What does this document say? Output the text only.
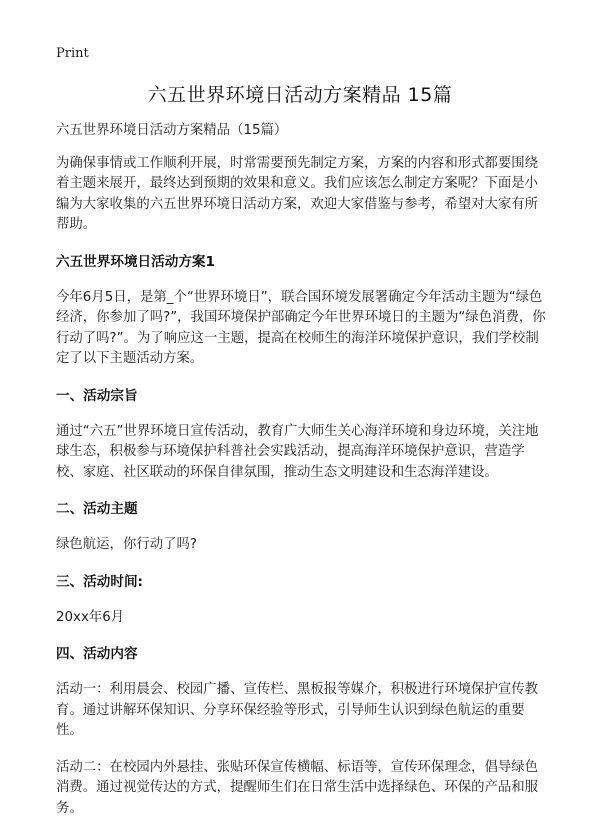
Print
六五世界环境日活动方案精品 15篇

六五世界环境日活动方案精品（15篇）

为确保事情或工作顺利开展，时常需要预先制定方案，方案的内容和形式都要围绕着主题来展开，最终达到预期的效果和意义。我们应该怎么制定方案呢？下面是小编为大家收集的六五世界环境日活动方案，欢迎大家借鉴与参考，希望对大家有所帮助。

六五世界环境日活动方案1

今年6月5日，是第_个“世界环境日”，联合国环境发展署确定今年活动主题为“绿色经济，你参加了吗?”，我国环境保护部确定今年世界环境日的主题为“绿色消费，你行动了吗?”。为了响应这一主题，提高在校师生的海洋环境保护意识，我们学校制定了以下主题活动方案。

一、活动宗旨

通过“六五”世界环境日宣传活动，教育广大师生关心海洋环境和身边环境，关注地球生态，积极参与环境保护科普社会实践活动，提高海洋环境保护意识，营造学校、家庭、社区联动的环保自律氛围，推动生态文明建设和生态海洋建设。

二、活动主题

绿色航运，你行动了吗?

三、活动时间:

20xx年6月

四、活动内容

活动一：利用晨会、校园广播、宣传栏、黑板报等媒介，积极进行环境保护宣传教育。通过讲解环保知识、分享环保经验等形式，引导师生认识到绿色航运的重要性。

活动二：在校园内外悬挂、张贴环保宣传横幅、标语等，宣传环保理念，倡导绿色消费。通过视觉传达的方式，提醒师生们在日常生活中选择绿色、环保的产品和服务。
